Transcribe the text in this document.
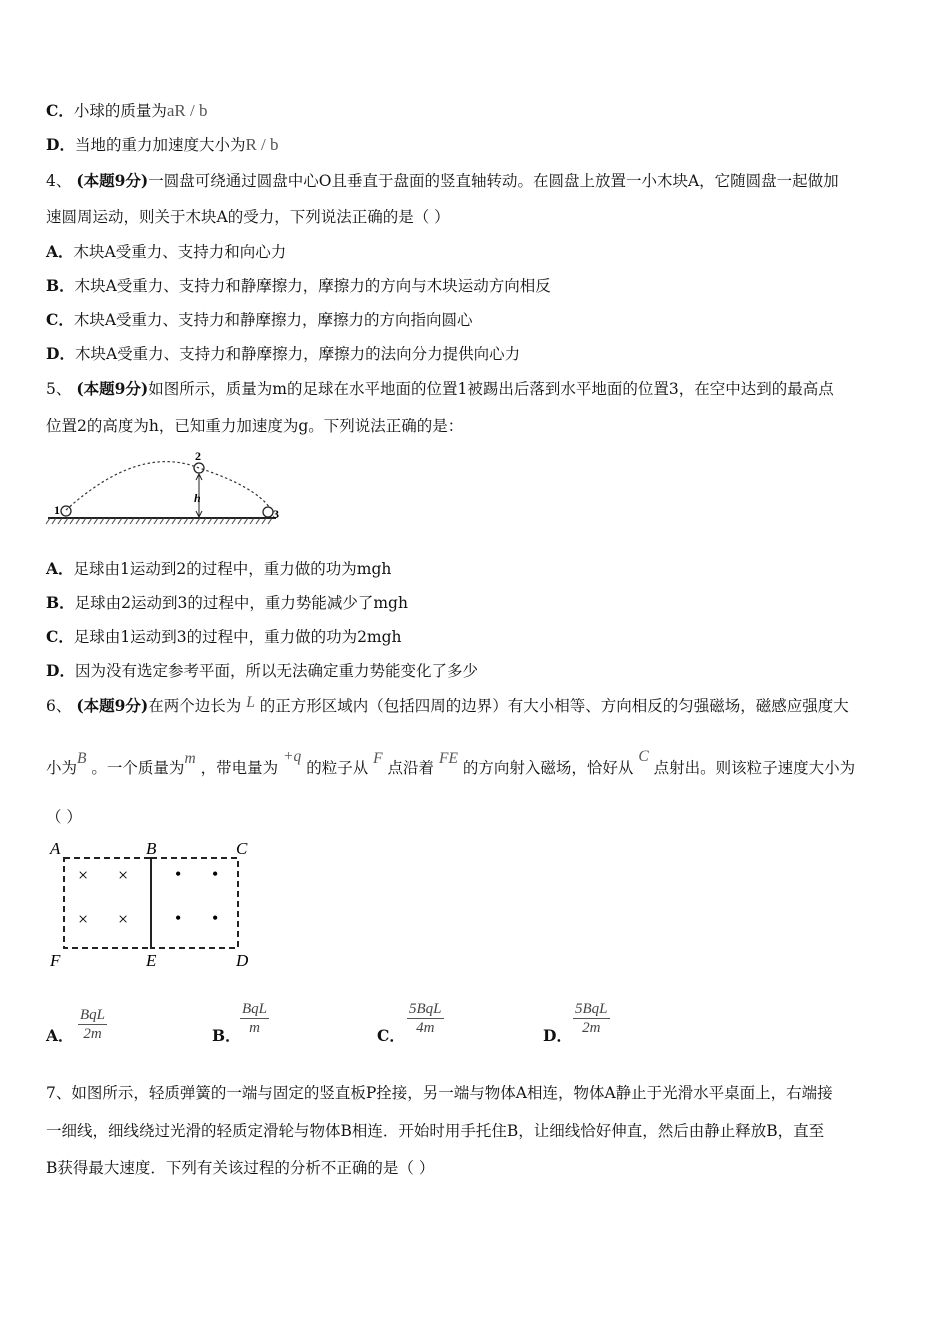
C．小球的质量为aR / b
D．当地的重力加速度大小为R / b
4、 (本题9分)一圆盘可绕通过圆盘中心O且垂直于盘面的竖直轴转动。在圆盘上放置一小木块A，它随圆盘一起做加
速圆周运动，则关于木块A的受力，下列说法正确的是（ ）
A．木块A受重力、支持力和向心力
B．木块A受重力、支持力和静摩擦力，摩擦力的方向与木块运动方向相反
C．木块A受重力、支持力和静摩擦力，摩擦力的方向指向圆心
D．木块A受重力、支持力和静摩擦力，摩擦力的法向分力提供向心力
5、 (本题9分)如图所示，质量为m的足球在水平地面的位置1被踢出后落到水平地面的位置3，在空中达到的最高点
位置2的高度为h，已知重力加速度为g。下列说法正确的是：
1
2
3
h
A．足球由1运动到2的过程中，重力做的功为mgh
B．足球由2运动到3的过程中，重力势能减少了mgh
C．足球由1运动到3的过程中，重力做的功为2mgh
D．因为没有选定参考平面，所以无法确定重力势能变化了多少
6、 (本题9分)在两个边长为 L 的正方形区域内（包括四周的边界）有大小相等、方向相反的匀强磁场，磁感应强度大
小为B 。一个质量为m ，带电量为 +q 的粒子从 F 点沿着 FE 的方向射入磁场，恰好从 C 点射出。则该粒子速度大小为
（ ）
A	B	C
F	E	D
× ×
× ×
• •
• •
A．
BqL
2m	B．
BqL
m	C．
5BqL
4m	D．
5BqL
2m
7、如图所示，轻质弹簧的一端与固定的竖直板P拴接，另一端与物体A相连，物体A静止于光滑水平桌面上，右端接
一细线，细线绕过光滑的轻质定滑轮与物体B相连．开始时用手托住B，让细线恰好伸直，然后由静止释放B，直至
B获得最大速度．下列有关该过程的分析不正确的是（ ）
